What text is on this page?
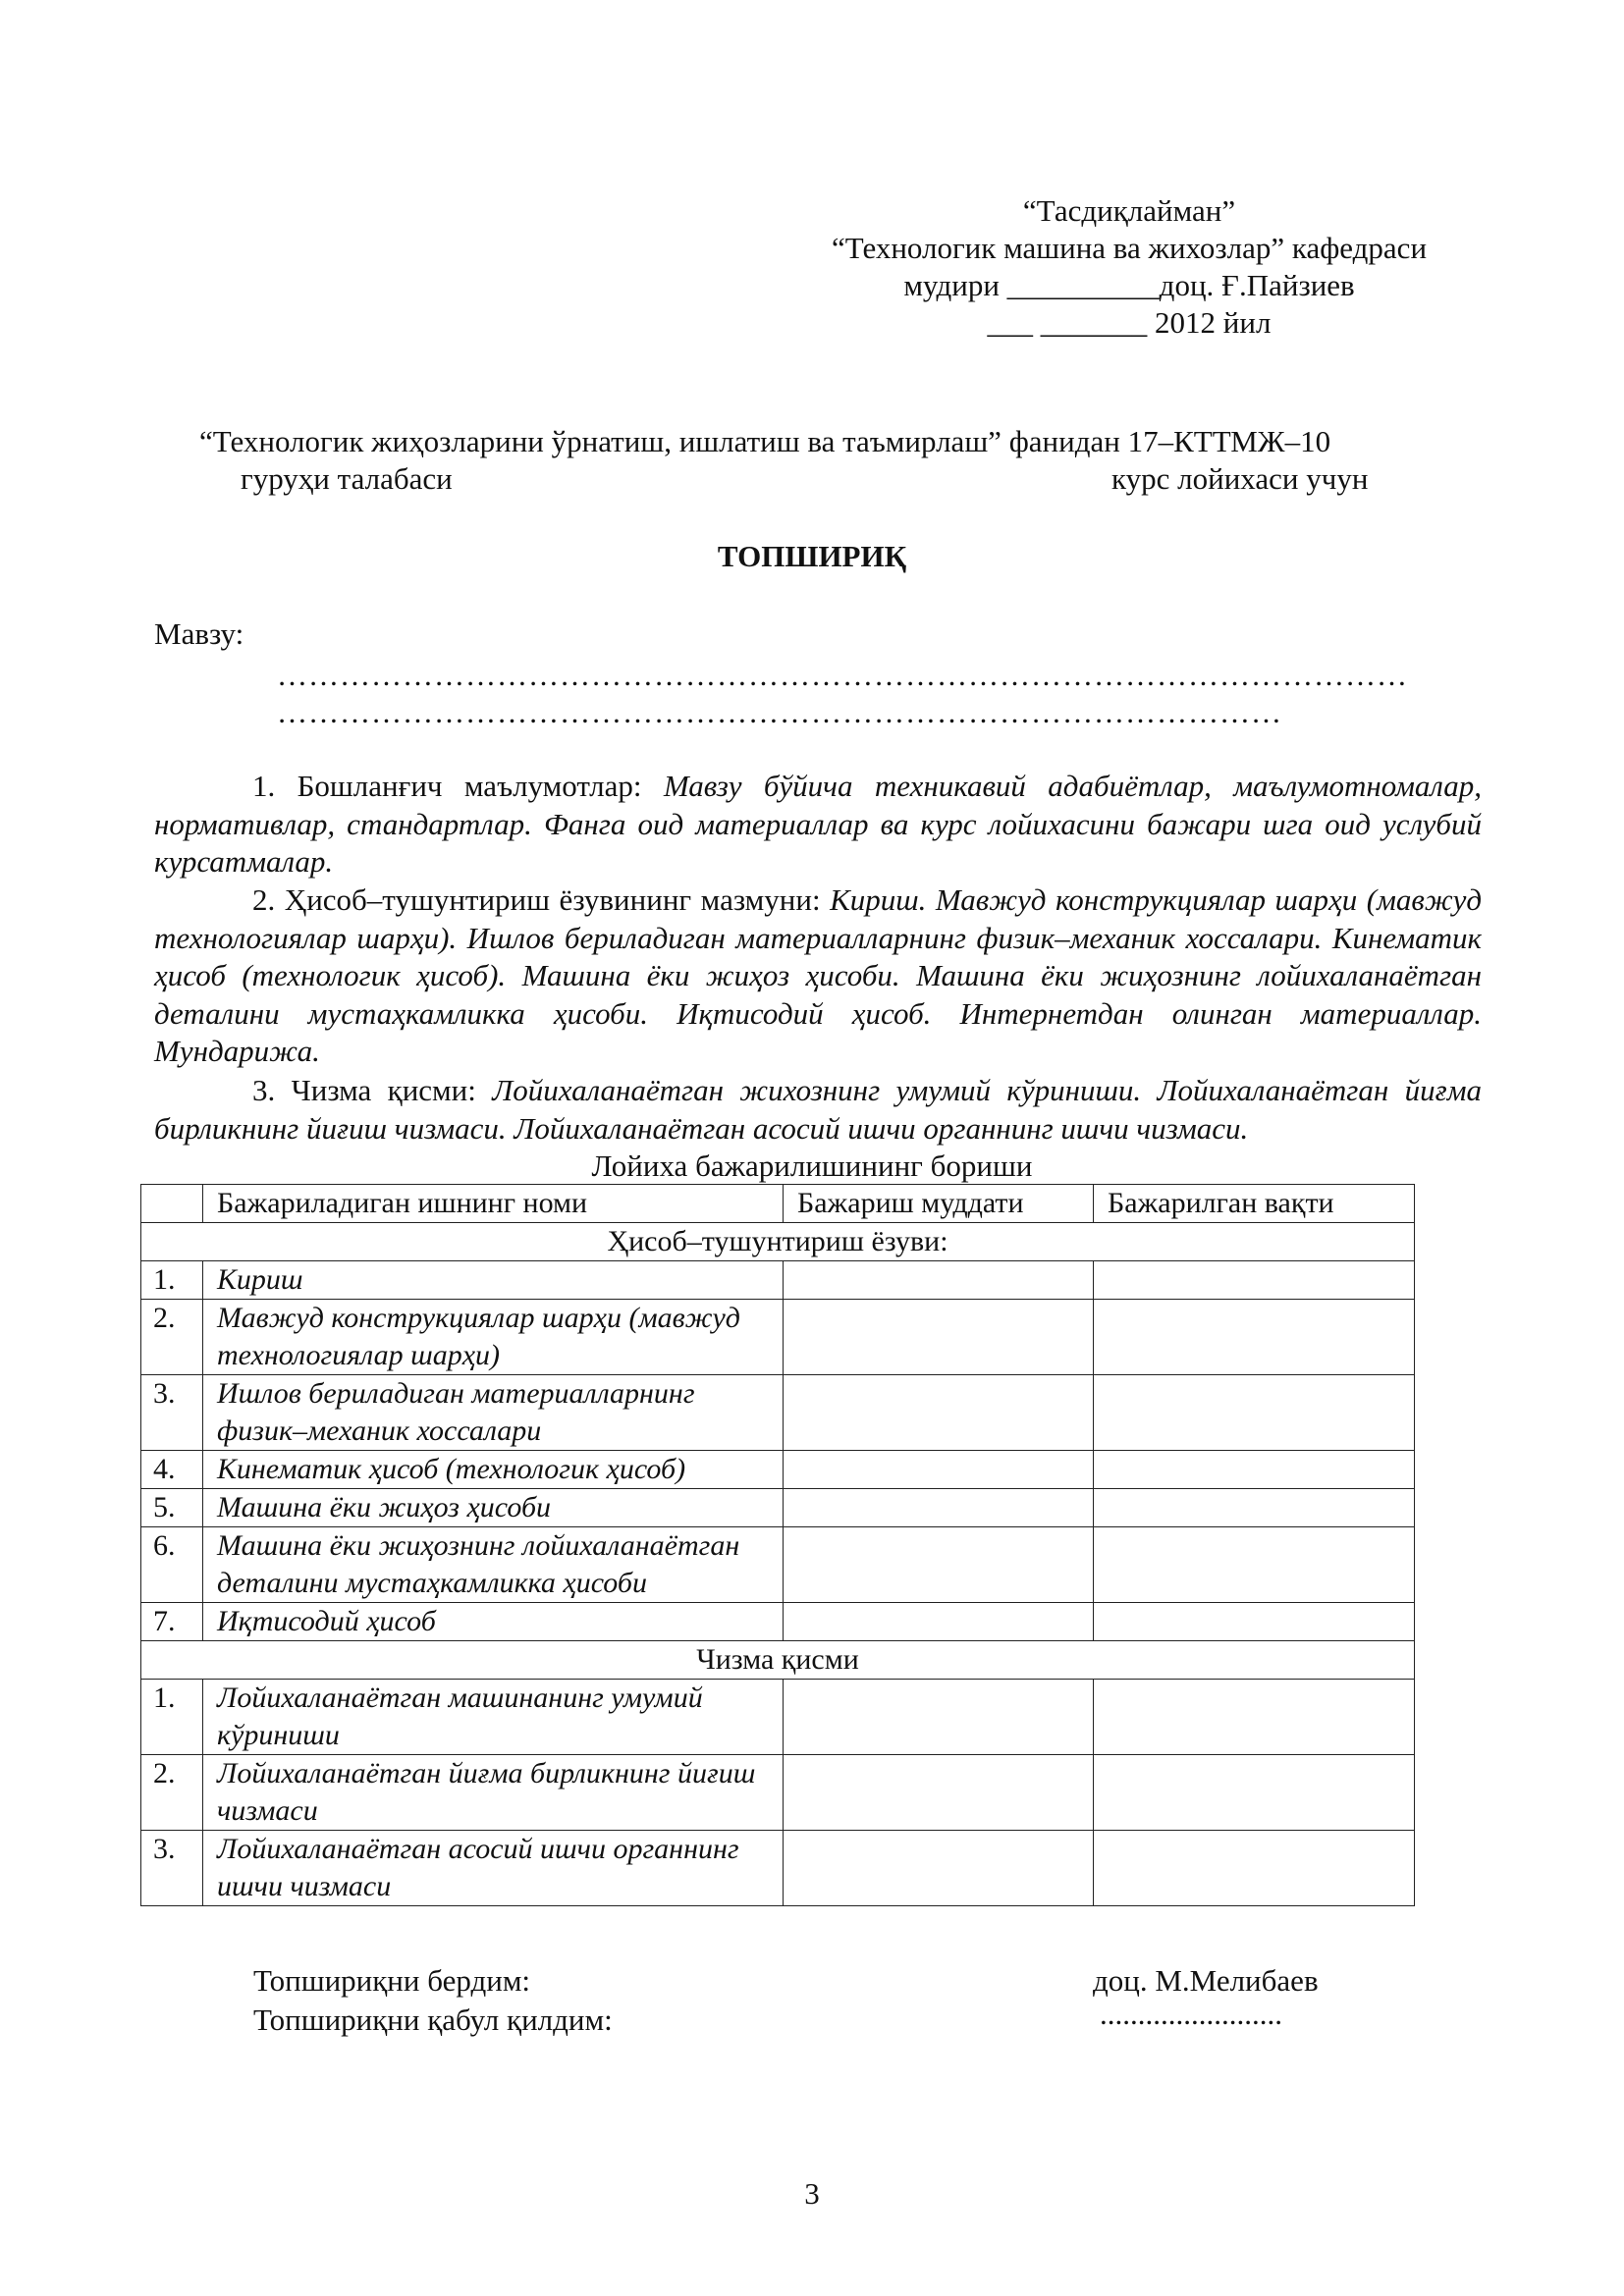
“Тасдиқлайман”
“Технологик машина ва жихозлар” кафедраси
мудири __________доц. Ғ.Пайзиев
___ _______ 2012 йил
“Технологик жиҳозларини ўрнатиш, ишлатиш ва таъмирлаш” фанидан 17–КТТМЖ–10
гуруҳи талабаси	курс лойихаси учун
ТОПШИРИҚ
Мавзу:
………………………………………………………………………………………………
……………………………………………………………………………………
1. Бошланғич маълумотлар: Мавзу бўйича техникавий адабиётлар, маълумотномалар, нормативлар, стандартлар. Фанга оид материаллар ва курс лойихасини бажари шга оид услубий курсатмалар.
2. Ҳисоб–тушунтириш ёзувининг мазмуни: Кириш. Мавжуд конструкциялар шарҳи (мавжуд технологиялар шарҳи). Ишлов бериладиган материалларнинг физик–механик хоссалари. Кинематик ҳисоб (технологик ҳисоб). Машина ёки жиҳоз ҳисоби. Машина ёки жиҳознинг лойихаланаётган деталини мустаҳкамликка ҳисоби. Иқтисодий ҳисоб. Интернетдан олинган материаллар. Мундарижа.
3. Чизма қисми: Лойихаланаётган жихознинг умумий кўриниши. Лойихаланаётган йиғма бирликнинг йиғиш чизмаси. Лойихаланаётган асосий ишчи органнинг ишчи чизмаси.
Лойиха бажарилишининг бориши
	Бажариладиган ишнинг номи	Бажариш муддати	Бажарилган вақти
Ҳисоб–тушунтириш ёзуви:			
1.	Кириш		
2.	Мавжуд конструкциялар шарҳи (мавжуд технологиялар шарҳи)		
3.	Ишлов бериладиган материалларнинг физик–механик хоссалари		
4.	Кинематик ҳисоб (технологик ҳисоб)		
5.	Машина ёки жиҳоз ҳисоби		
6.	Машина ёки жиҳознинг лойихаланаётган деталини мустаҳкамликка ҳисоби		
7.	Иқтисодий ҳисоб		
Чизма қисми			
1.	Лойихаланаётган машинанинг умумий кўриниши		
2.	Лойихаланаётган йиғма бирликнинг йиғиш чизмаси		
3.	Лойихаланаётган асосий ишчи органнинг ишчи чизмаси		
Топшириқни бердим:	доц. М.Мелибаев
Топшириқни қабул қилдим:	........................
3
